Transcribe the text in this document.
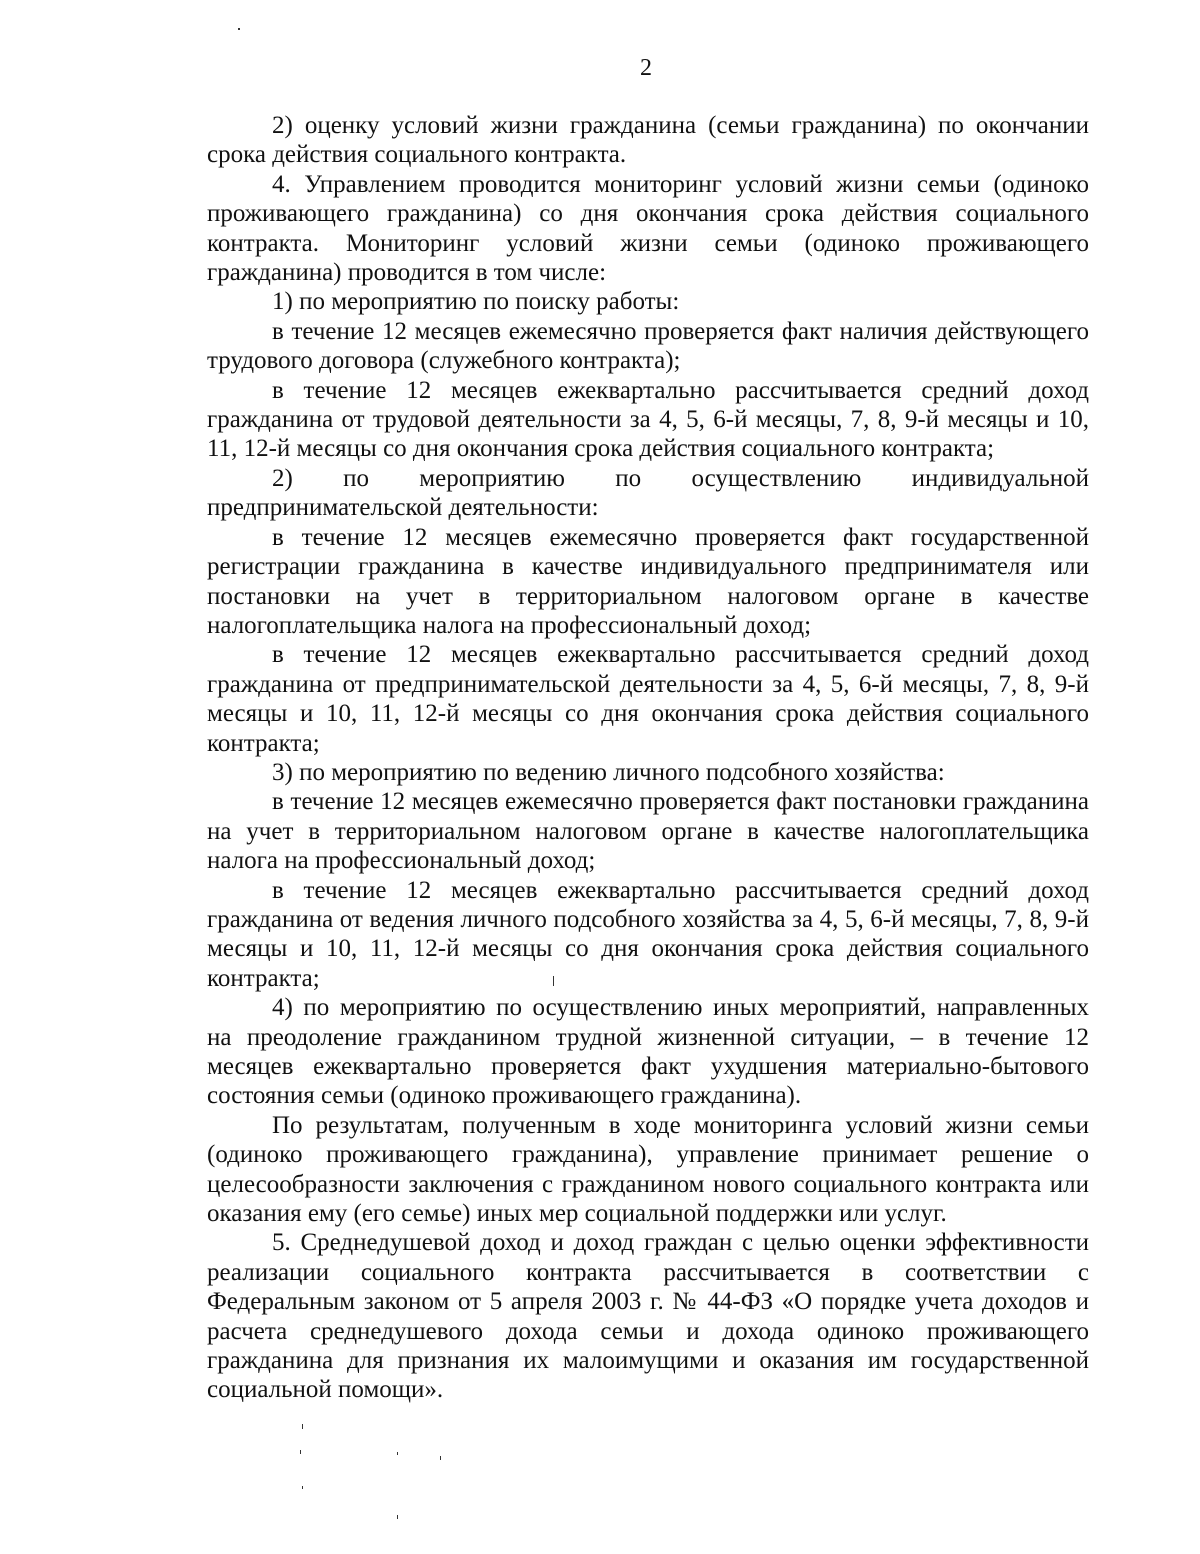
2

2) оценку условий жизни гражданина (семьи гражданина) по окончании срока действия социального контракта.

4. Управлением проводится мониторинг условий жизни семьи (одиноко проживающего гражданина) со дня окончания срока действия социального контракта. Мониторинг условий жизни семьи (одиноко проживающего гражданина) проводится в том числе:

1) по мероприятию по поиску работы:

в течение 12 месяцев ежемесячно проверяется факт наличия действующего трудового договора (служебного контракта);

в течение 12 месяцев ежеквартально рассчитывается средний доход гражданина от трудовой деятельности за 4, 5, 6-й месяцы, 7, 8, 9-й месяцы и 10, 11, 12-й месяцы со дня окончания срока действия социального контракта;

2) по мероприятию по осуществлению индивидуальной предпринимательской деятельности:

в течение 12 месяцев ежемесячно проверяется факт государственной регистрации гражданина в качестве индивидуального предпринимателя или постановки на учет в территориальном налоговом органе в качестве налогоплательщика налога на профессиональный доход;

в течение 12 месяцев ежеквартально рассчитывается средний доход гражданина от предпринимательской деятельности за 4, 5, 6-й месяцы, 7, 8, 9-й месяцы и 10, 11, 12-й месяцы со дня окончания срока действия социального контракта;

3) по мероприятию по ведению личного подсобного хозяйства:

в течение 12 месяцев ежемесячно проверяется факт постановки гражданина на учет в территориальном налоговом органе в качестве налогоплательщика налога на профессиональный доход;

в течение 12 месяцев ежеквартально рассчитывается средний доход гражданина от ведения личного подсобного хозяйства за 4, 5, 6-й месяцы, 7, 8, 9-й месяцы и 10, 11, 12-й месяцы со дня окончания срока действия социального контракта;

4) по мероприятию по осуществлению иных мероприятий, направленных на преодоление гражданином трудной жизненной ситуации, – в течение 12 месяцев ежеквартально проверяется факт ухудшения материально-бытового состояния семьи (одиноко проживающего гражданина).

По результатам, полученным в ходе мониторинга условий жизни семьи (одиноко проживающего гражданина), управление принимает решение о целесообразности заключения с гражданином нового социального контракта или оказания ему (его семье) иных мер социальной поддержки или услуг.

5. Среднедушевой доход и доход граждан с целью оценки эффективности реализации социального контракта рассчитывается в соответствии с Федеральным законом от 5 апреля 2003 г. № 44-ФЗ «О порядке учета доходов и расчета среднедушевого дохода семьи и дохода одиноко проживающего гражданина для признания их малоимущими и оказания им государственной социальной помощи».
